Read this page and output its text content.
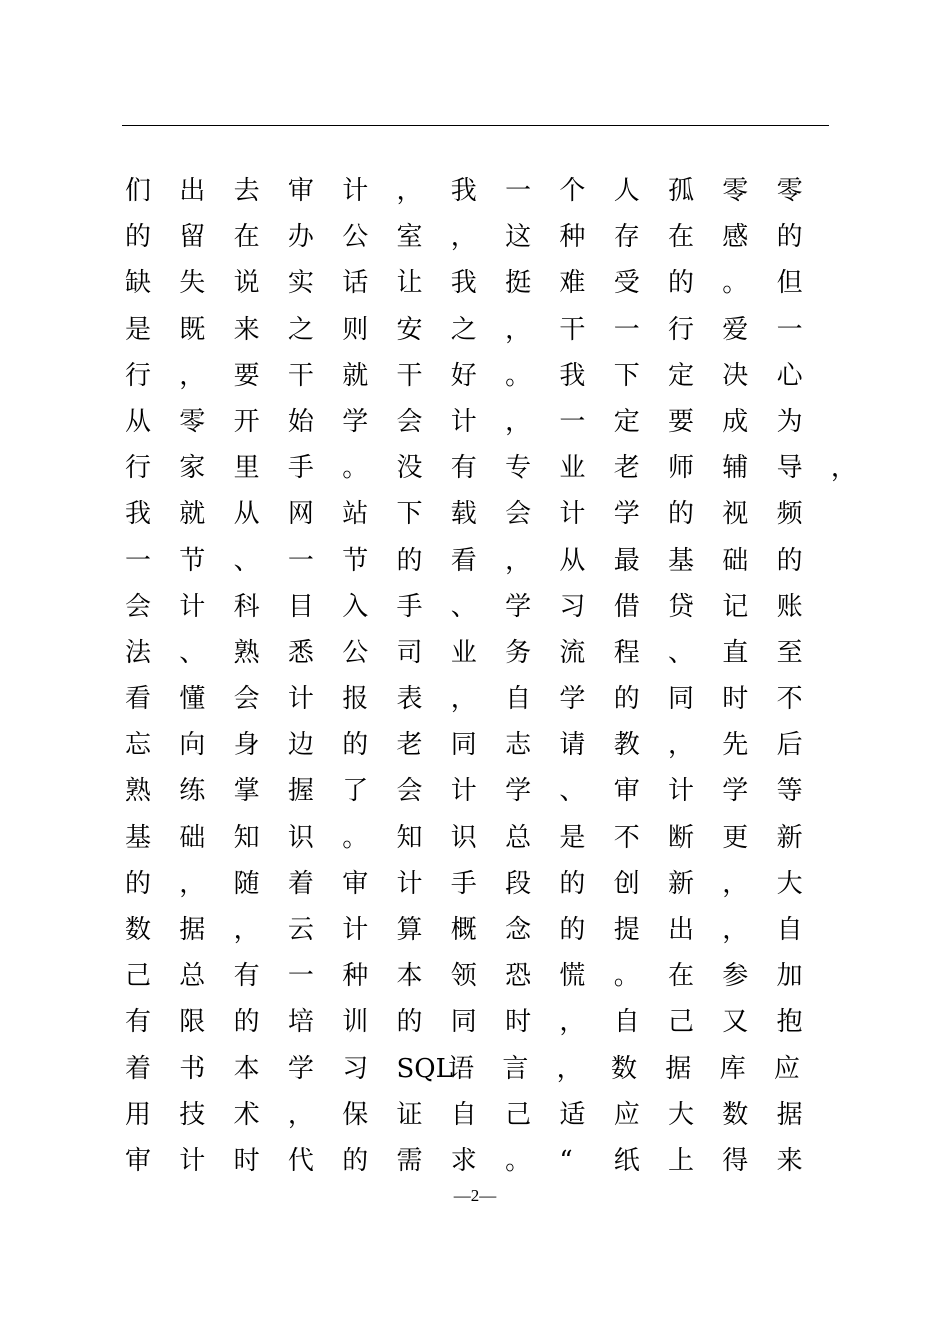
们 出 去 审 计 ， 我 一 个 人 孤 零 零
的 留 在 办 公 室 ， 这 种 存 在 感 的
缺 失 说 实 话 让 我 挺 难 受 的 。 但
是 既 来 之 则 安 之 ， 干 一 行 爱 一
行 ， 要 干 就 干 好 。 我 下 定 决 心
从 零 开 始 学 会 计 ， 一 定 要 成 为
行 家 里 手 。 没 有 专 业 老 师 辅 导 ，
我 就 从 网 站 下 载 会 计 学 的 视 频
一 节 、 一 节 的 看 ， 从 最 基 础 的
会 计 科 目 入 手 、 学 习 借 贷 记 账
法 、 熟 悉 公 司 业 务 流 程 、 直 至
看 懂 会 计 报 表 ， 自 学 的 同 时 不
忘 向 身 边 的 老 同 志 请 教 ， 先 后
熟 练 掌 握 了 会 计 学 、 审 计 学 等
基 础 知 识 。 知 识 总 是 不 断 更 新
的 ， 随 着 审 计 手 段 的 创 新 ， 大
数 据 ， 云 计 算 概 念 的 提 出 ， 自
己 总 有 一 种 本 领 恐 慌 。 在 参 加
有 限 的 培 训 的 同 时 ， 自 己 又 抱
着 书 本 学 习 SQL
语 言 ， 数 据 库 应
用 技 术 ， 保 证 自 己 适 应 大 数 据
审 计 时 代 的 需 求 。 “ 纸 上 得 来
—2—
